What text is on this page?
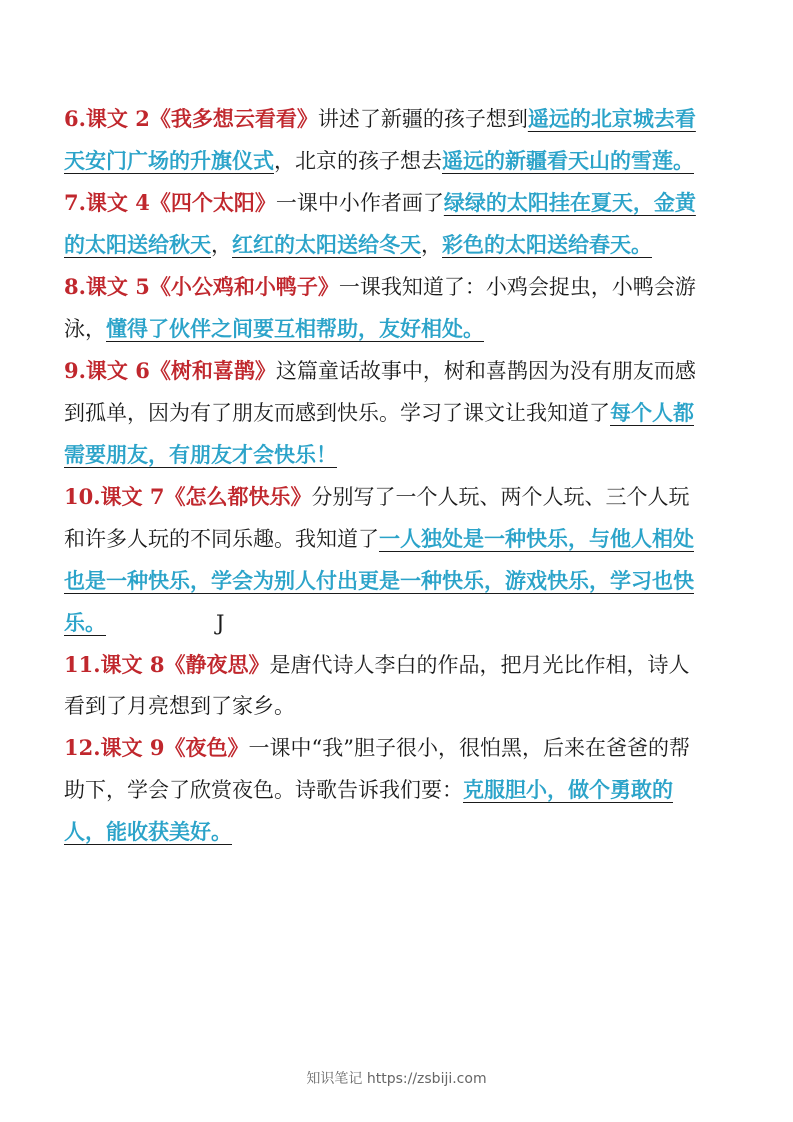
6.课文 2《我多想云看看》讲述了新疆的孩子想到遥远的北京城去看天安门广场的升旗仪式，北京的孩子想去遥远的新疆看天山的雪莲。

7.课文 4《四个太阳》一课中小作者画了绿绿的太阳挂在夏天，金黄的太阳送给秋天，红红的太阳送给冬天，彩色的太阳送给春天。

8.课文 5《小公鸡和小鸭子》一课我知道了：小鸡会捉虫，小鸭会游泳，懂得了伙伴之间要互相帮助，友好相处。

9.课文 6《树和喜鹊》这篇童话故事中，树和喜鹊因为没有朋友而感到孤单，因为有了朋友而感到快乐。学习了课文让我知道了每个人都需要朋友，有朋友才会快乐！

10.课文 7《怎么都快乐》分别写了一个人玩、两个人玩、三个人玩和许多人玩的不同乐趣。我知道了一人独处是一种快乐，与他人相处也是一种快乐，学会为别人付出更是一种快乐，游戏快乐，学习也快乐。	J

11.课文 8《静夜思》是唐代诗人李白的作品，把月光比作相，诗人看到了月亮想到了家乡。

12.课文 9《夜色》一课中“我”胆子很小，很怕黑，后来在爸爸的帮助下，学会了欣赏夜色。诗歌告诉我们要：克服胆小，做个勇敢的人，能收获美好。

知识笔记 https://zsbiji.com
